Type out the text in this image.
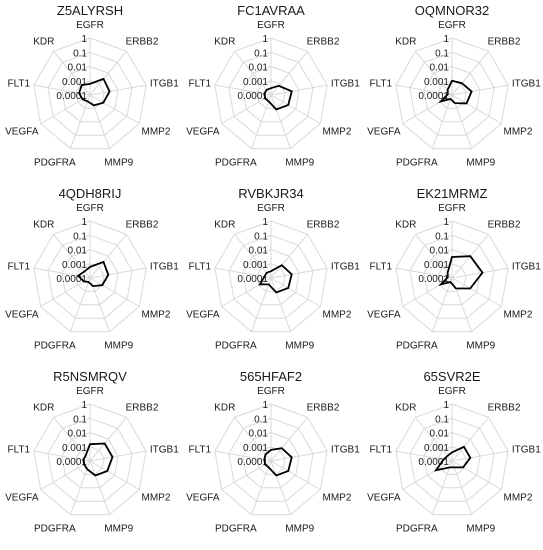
Z5ALYRSH
0.0001
0.001
0.01
0.1
1
EGFR
ERBB2
ITGB1
MMP2
MMP9
PDGFRA
VEGFA
FLT1
KDR
FC1AVRAA
0.0001
0.001
0.01
0.1
1
EGFR
ERBB2
ITGB1
MMP2
MMP9
PDGFRA
VEGFA
FLT1
KDR
OQMNOR32
0.0001
0.001
0.01
0.1
1
EGFR
ERBB2
ITGB1
MMP2
MMP9
PDGFRA
VEGFA
FLT1
KDR
4QDH8RIJ
0.0001
0.001
0.01
0.1
1
EGFR
ERBB2
ITGB1
MMP2
MMP9
PDGFRA
VEGFA
FLT1
KDR
RVBKJR34
0.0001
0.001
0.01
0.1
1
EGFR
ERBB2
ITGB1
MMP2
MMP9
PDGFRA
VEGFA
FLT1
KDR
EK21MRMZ
0.0001
0.001
0.01
0.1
1
EGFR
ERBB2
ITGB1
MMP2
MMP9
PDGFRA
VEGFA
FLT1
KDR
R5NSMRQV
0.0001
0.001
0.01
0.1
1
EGFR
ERBB2
ITGB1
MMP2
MMP9
PDGFRA
VEGFA
FLT1
KDR
565HFAF2
0.0001
0.001
0.01
0.1
1
EGFR
ERBB2
ITGB1
MMP2
MMP9
PDGFRA
VEGFA
FLT1
KDR
65SVR2E
0.0001
0.001
0.01
0.1
1
EGFR
ERBB2
ITGB1
MMP2
MMP9
PDGFRA
VEGFA
FLT1
KDR
